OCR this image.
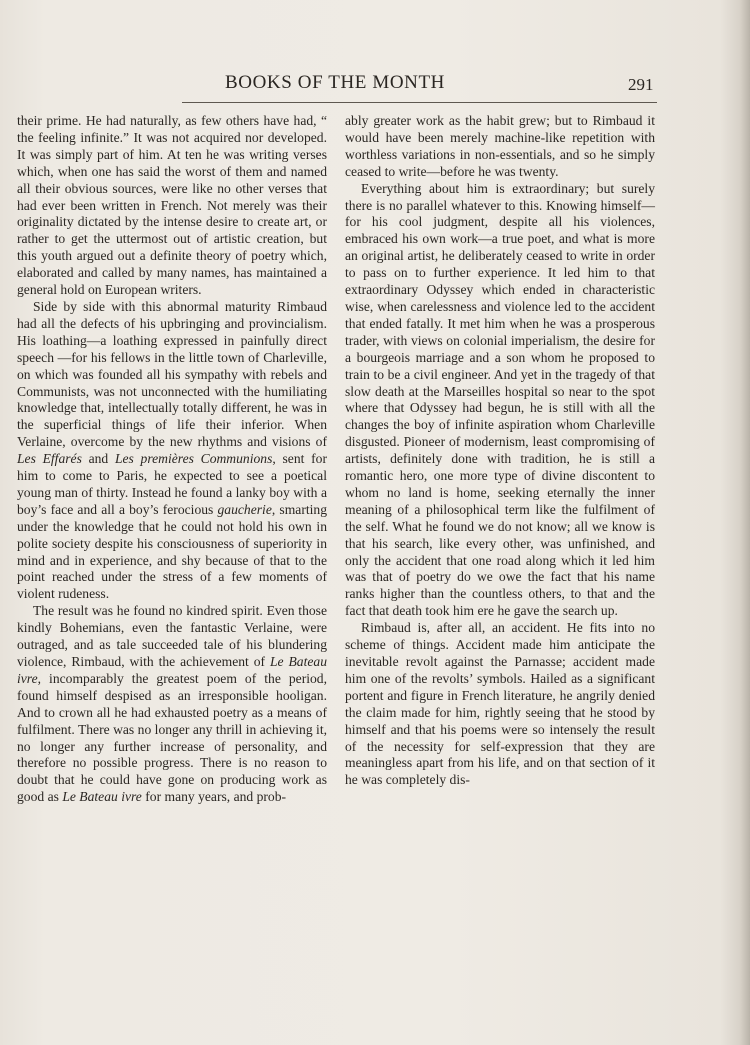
BOOKS OF THE MONTH	291

their prime. He had naturally, as few others have had, “ the feeling infinite.” It was not acquired nor developed. It was simply part of him. At ten he was writing verses which, when one has said the worst of them and named all their obvious sources, were like no other verses that had ever been written in French. Not merely was their originality dictated by the intense desire to create art, or rather to get the uttermost out of artistic creation, but this youth argued out a definite theory of poetry which, elaborated and called by many names, has maintained a general hold on European writers.

Side by side with this abnormal maturity Rimbaud had all the defects of his upbringing and provincialism. His loathing—a loathing expressed in painfully direct speech —for his fellows in the little town of Charleville, on which was founded all his sympathy with rebels and Communists, was not unconnected with the humiliating knowledge that, intellectually totally different, he was in the superficial things of life their inferior. When Verlaine, overcome by the new rhythms and visions of Les Effarés and Les premières Communions, sent for him to come to Paris, he expected to see a poetical young man of thirty. Instead he found a lanky boy with a boy’s face and all a boy’s ferocious gaucherie, smarting under the knowledge that he could not hold his own in polite society despite his consciousness of superiority in mind and in experience, and shy because of that to the point reached under the stress of a few moments of violent rudeness.

The result was he found no kindred spirit. Even those kindly Bohemians, even the fantastic Verlaine, were outraged, and as tale succeeded tale of his blundering violence, Rimbaud, with the achievement of Le Bateau ivre, incomparably the greatest poem of the period, found himself despised as an irresponsible hooligan. And to crown all he had exhausted poetry as a means of fulfilment. There was no longer any thrill in achieving it, no longer any further increase of personality, and therefore no possible progress. There is no reason to doubt that he could have gone on producing work as good as Le Bateau ivre for many years, and prob-

ably greater work as the habit grew; but to Rimbaud it would have been merely machine-like repetition with worthless variations in non-essentials, and so he simply ceased to write—before he was twenty.

Everything about him is extraordinary; but surely there is no parallel whatever to this. Knowing himself—for his cool judgment, despite all his violences, embraced his own work—a true poet, and what is more an original artist, he deliberately ceased to write in order to pass on to further experience. It led him to that extraordinary Odyssey which ended in characteristic wise, when carelessness and violence led to the accident that ended fatally. It met him when he was a prosperous trader, with views on colonial imperialism, the desire for a bourgeois marriage and a son whom he proposed to train to be a civil engineer. And yet in the tragedy of that slow death at the Marseilles hospital so near to the spot where that Odyssey had begun, he is still with all the changes the boy of infinite aspiration whom Charleville disgusted. Pioneer of modernism, least compromising of artists, definitely done with tradition, he is still a romantic hero, one more type of divine discontent to whom no land is home, seeking eternally the inner meaning of a philosophical term like the fulfilment of the self. What he found we do not know; all we know is that his search, like every other, was unfinished, and only the accident that one road along which it led him was that of poetry do we owe the fact that his name ranks higher than the countless others, to that and the fact that death took him ere he gave the search up.

Rimbaud is, after all, an accident. He fits into no scheme of things. Accident made him anticipate the inevitable revolt against the Parnasse; accident made him one of the revolts’ symbols. Hailed as a significant portent and figure in French literature, he angrily denied the claim made for him, rightly seeing that he stood by himself and that his poems were so intensely the result of the necessity for self-expression that they are meaningless apart from his life, and on that section of it he was completely dis-
